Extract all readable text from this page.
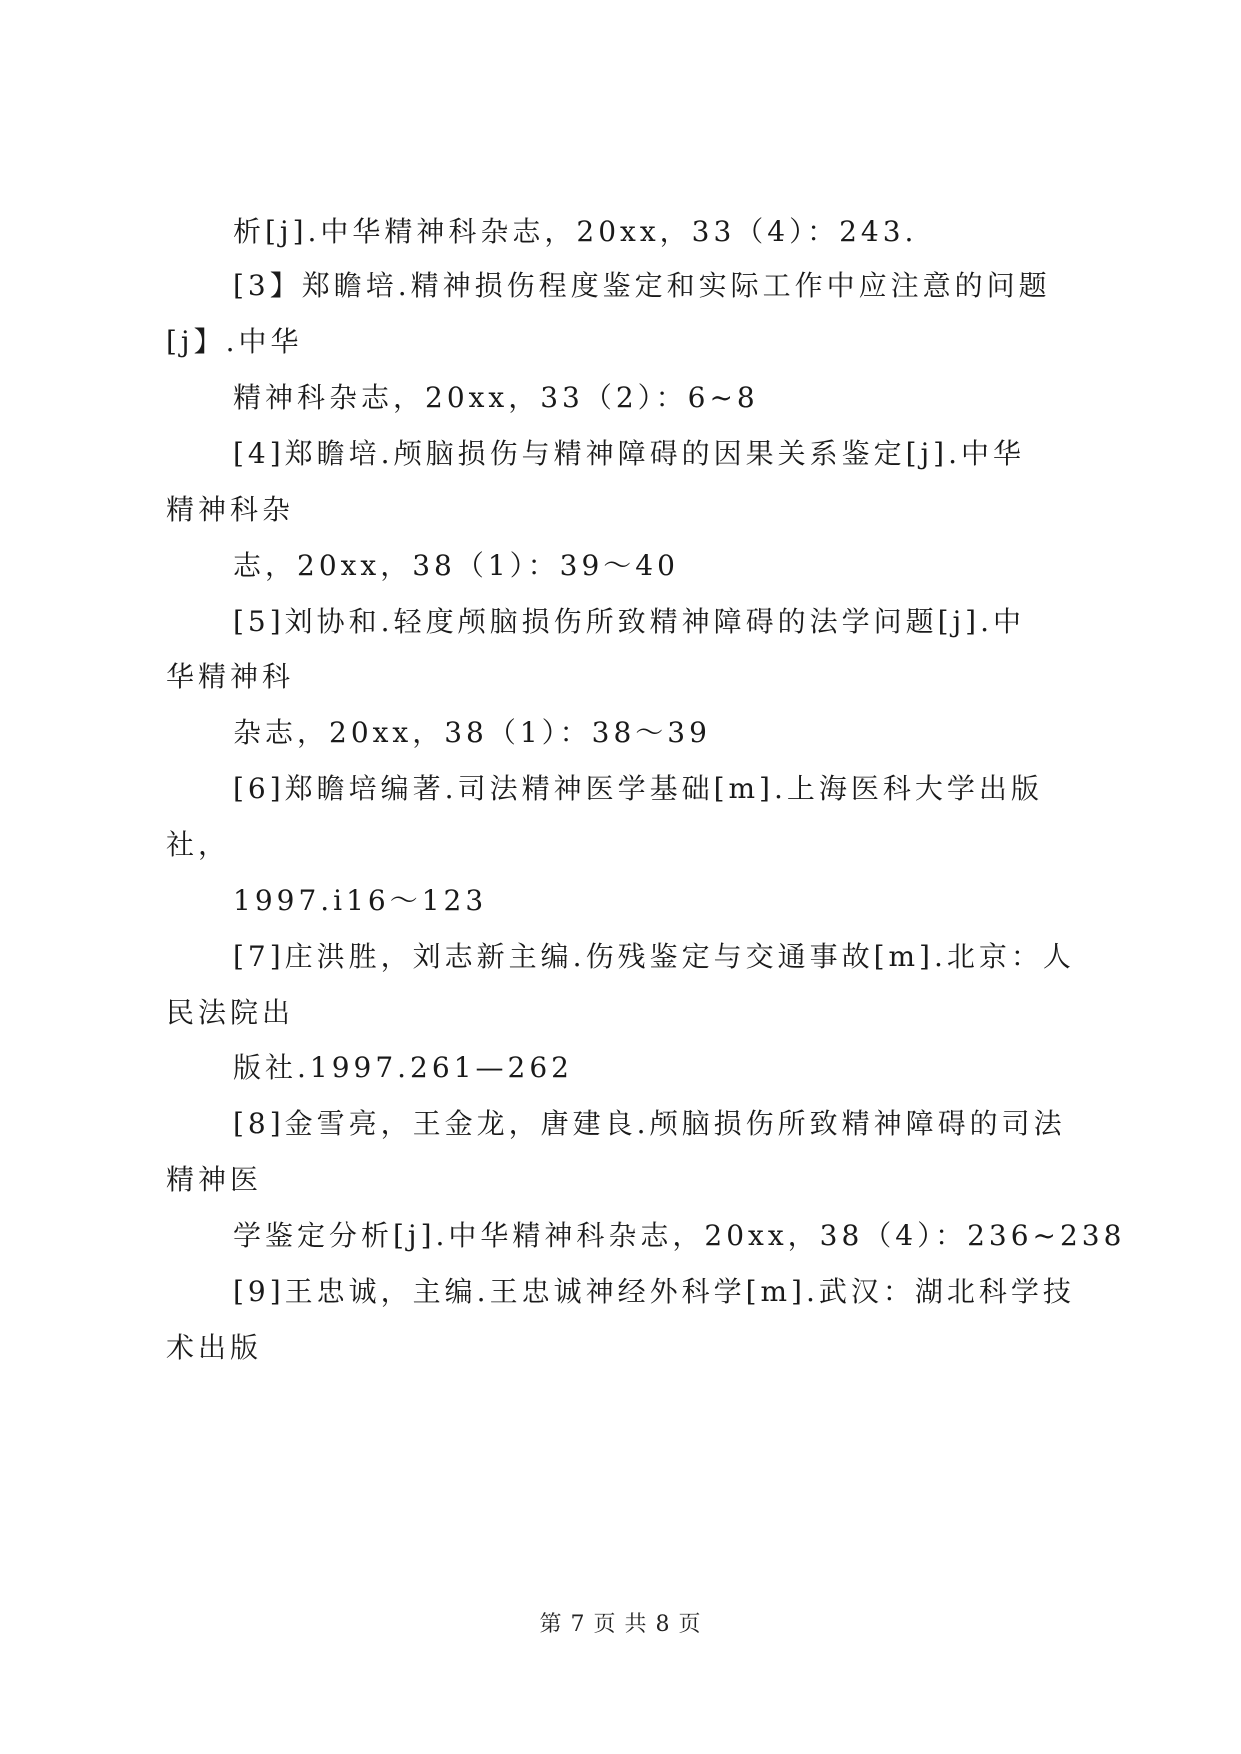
析[j].中华精神科杂志，20xx，33（4）：243.
[3】郑瞻培.精神损伤程度鉴定和实际工作中应注意的问题
[j】.中华
精神科杂志，20xx，33（2）：6~8
[4]郑瞻培.颅脑损伤与精神障碍的因果关系鉴定[j].中华
精神科杂
志，20xx，38（1）：39～40
[5]刘协和.轻度颅脑损伤所致精神障碍的法学问题[j].中
华精神科
杂志，20xx，38（1）：38～39
[6]郑瞻培编著.司法精神医学基础[m].上海医科大学出版
社，
1997.i16～123
[7]庄洪胜，刘志新主编.伤残鉴定与交通事故[m].北京：人
民法院出
版社.1997.261—262
[8]金雪亮，王金龙，唐建良.颅脑损伤所致精神障碍的司法
精神医
学鉴定分析[j].中华精神科杂志，20xx，38（4）：236~238
[9]王忠诚，主编.王忠诚神经外科学[m].武汉：湖北科学技
术出版
第 7 页 共 8 页
